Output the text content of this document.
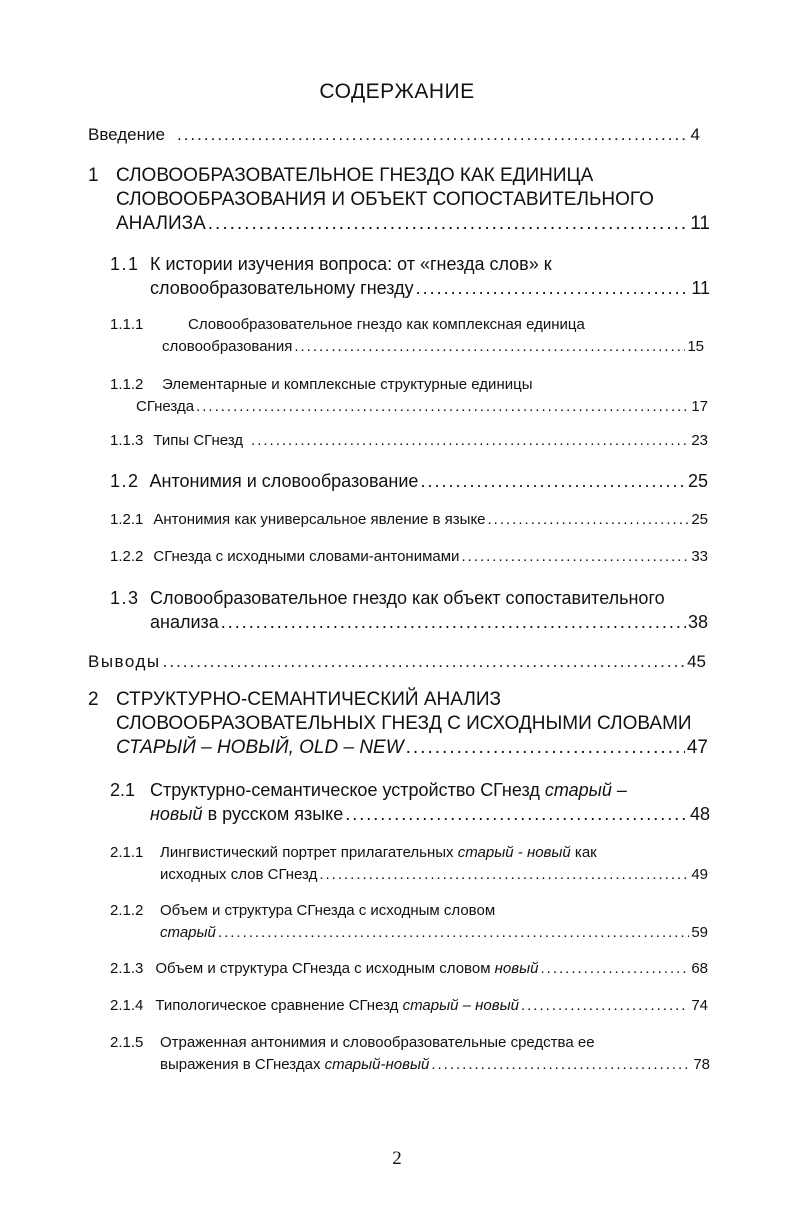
СОДЕРЖАНИЕ
Введение .....	4
1 СЛОВООБРАЗОВАТЕЛЬНОЕ ГНЕЗДО КАК ЕДИНИЦА
СЛОВООБРАЗОВАНИЯ И ОБЪЕКТ СОПОСТАВИТЕЛЬНОГО
АНАЛИЗА .....	11
1.1 К истории изучения вопроса: от «гнезда слов» к
словообразовательному гнезду .....	11
1.1.1	Словообразовательное гнездо как комплексная единица
словообразования .....	15
1.1.2 Элементарные и комплексные структурные единицы
СГнезда .....	17
1.1.3 Типы СГнезд .....	23
1.2 Антонимия и словообразование .....	25
1.2.1 Антонимия как универсальное явление в языке .....	25
1.2.2 СГнезда с исходными словами-антонимами .....	33
1.3 Словообразовательное гнездо как объект сопоставительного
анализа .....	38
Выводы .....	45
2 СТРУКТУРНО-СЕМАНТИЧЕСКИЙ АНАЛИЗ
СЛОВООБРАЗОВАТЕЛЬНЫХ ГНЕЗД С ИСХОДНЫМИ СЛОВАМИ
СТАРЫЙ – НОВЫЙ, OLD – NEW .....	47
2.1 Структурно-семантическое устройство СГнезд старый –
новый в русском языке .....	48
2.1.1 Лингвистический портрет прилагательных старый - новый как
исходных слов СГнезд .....	49
2.1.2 Объем и структура СГнезда с исходным словом
старый .....	59
2.1.3 Объем и структура СГнезда с исходным словом новый .....	68
2.1.4 Типологическое сравнение СГнезд старый – новый .....	74
2.1.5 Отраженная антонимия и словообразовательные средства ее
выражения в СГнездах старый-новый .....	78
2
